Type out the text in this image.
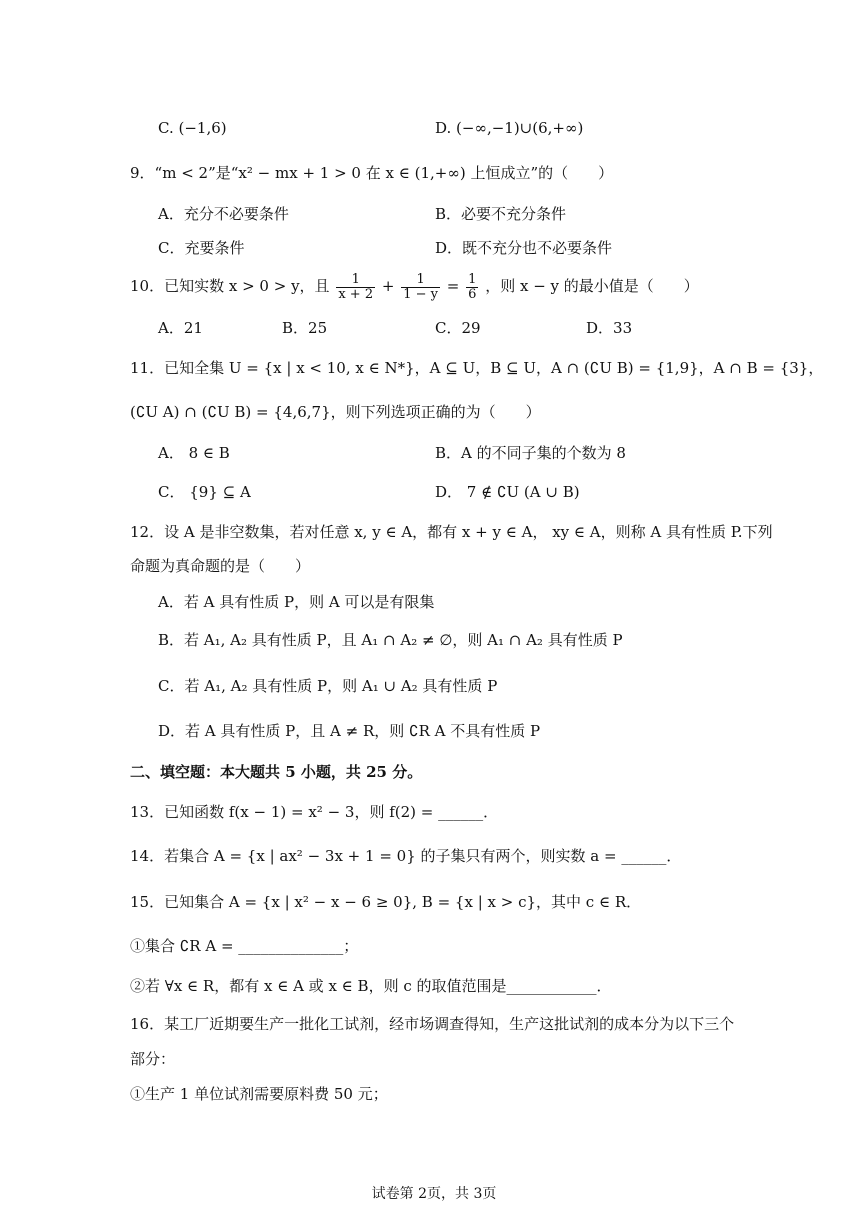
C. (−1,6)	D. (−∞,−1)∪(6,+∞)
9．“m < 2”是“x² − mx + 1 > 0 在 x ∈ (1,+∞) 上恒成立”的（　　）
A．充分不必要条件	B．必要不充分条件
C．充要条件	D．既不充分也不必要条件
10．已知实数 x > 0 > y，且 $\frac{1}{x + 2} + \frac{1}{1 - y} = \frac{1}{6}$ ，则 x − y 的最小值是（　　）
A．21	B．25	C．29	D．33
11．已知全集 U = {x | x < 10, x ∈ N*}，A ⊆ U，B ⊆ U，A ∩ (∁U B) = {1,9}，A ∩ B = {3}，
(∁U A) ∩ (∁U B) = {4,6,7}，则下列选项正确的为（　　）
A． 8 ∈ B	B．A 的不同子集的个数为 8
C． {9} ⊆ A	D． 7 ∉ ∁U (A ∪ B)
12．设 A 是非空数集，若对任意 x, y ∈ A，都有 x + y ∈ A， xy ∈ A，则称 A 具有性质 P.下列
命题为真命题的是（　　）
A．若 A 具有性质 P，则 A 可以是有限集
B．若 A₁, A₂ 具有性质 P，且 A₁ ∩ A₂ ≠ ∅，则 A₁ ∩ A₂ 具有性质 P
C．若 A₁, A₂ 具有性质 P，则 A₁ ∪ A₂ 具有性质 P
D．若 A 具有性质 P，且 A ≠ R，则 ∁R A 不具有性质 P
二、填空题：本大题共 5 小题，共 25 分。
13．已知函数 f(x − 1) = x² − 3，则 f(2) = ______．
14．若集合 A = {x | ax² − 3x + 1 = 0} 的子集只有两个，则实数 a = ______．
15．已知集合 A = {x | x² − x − 6 ≥ 0}, B = {x | x > c}，其中 c ∈ R．
①集合 ∁R A = ______________；
②若 ∀x ∈ R，都有 x ∈ A 或 x ∈ B，则 c 的取值范围是____________．
16．某工厂近期要生产一批化工试剂，经市场调查得知，生产这批试剂的成本分为以下三个
部分：
①生产 1 单位试剂需要原料费 50 元；
试卷第 2页，共 3页
